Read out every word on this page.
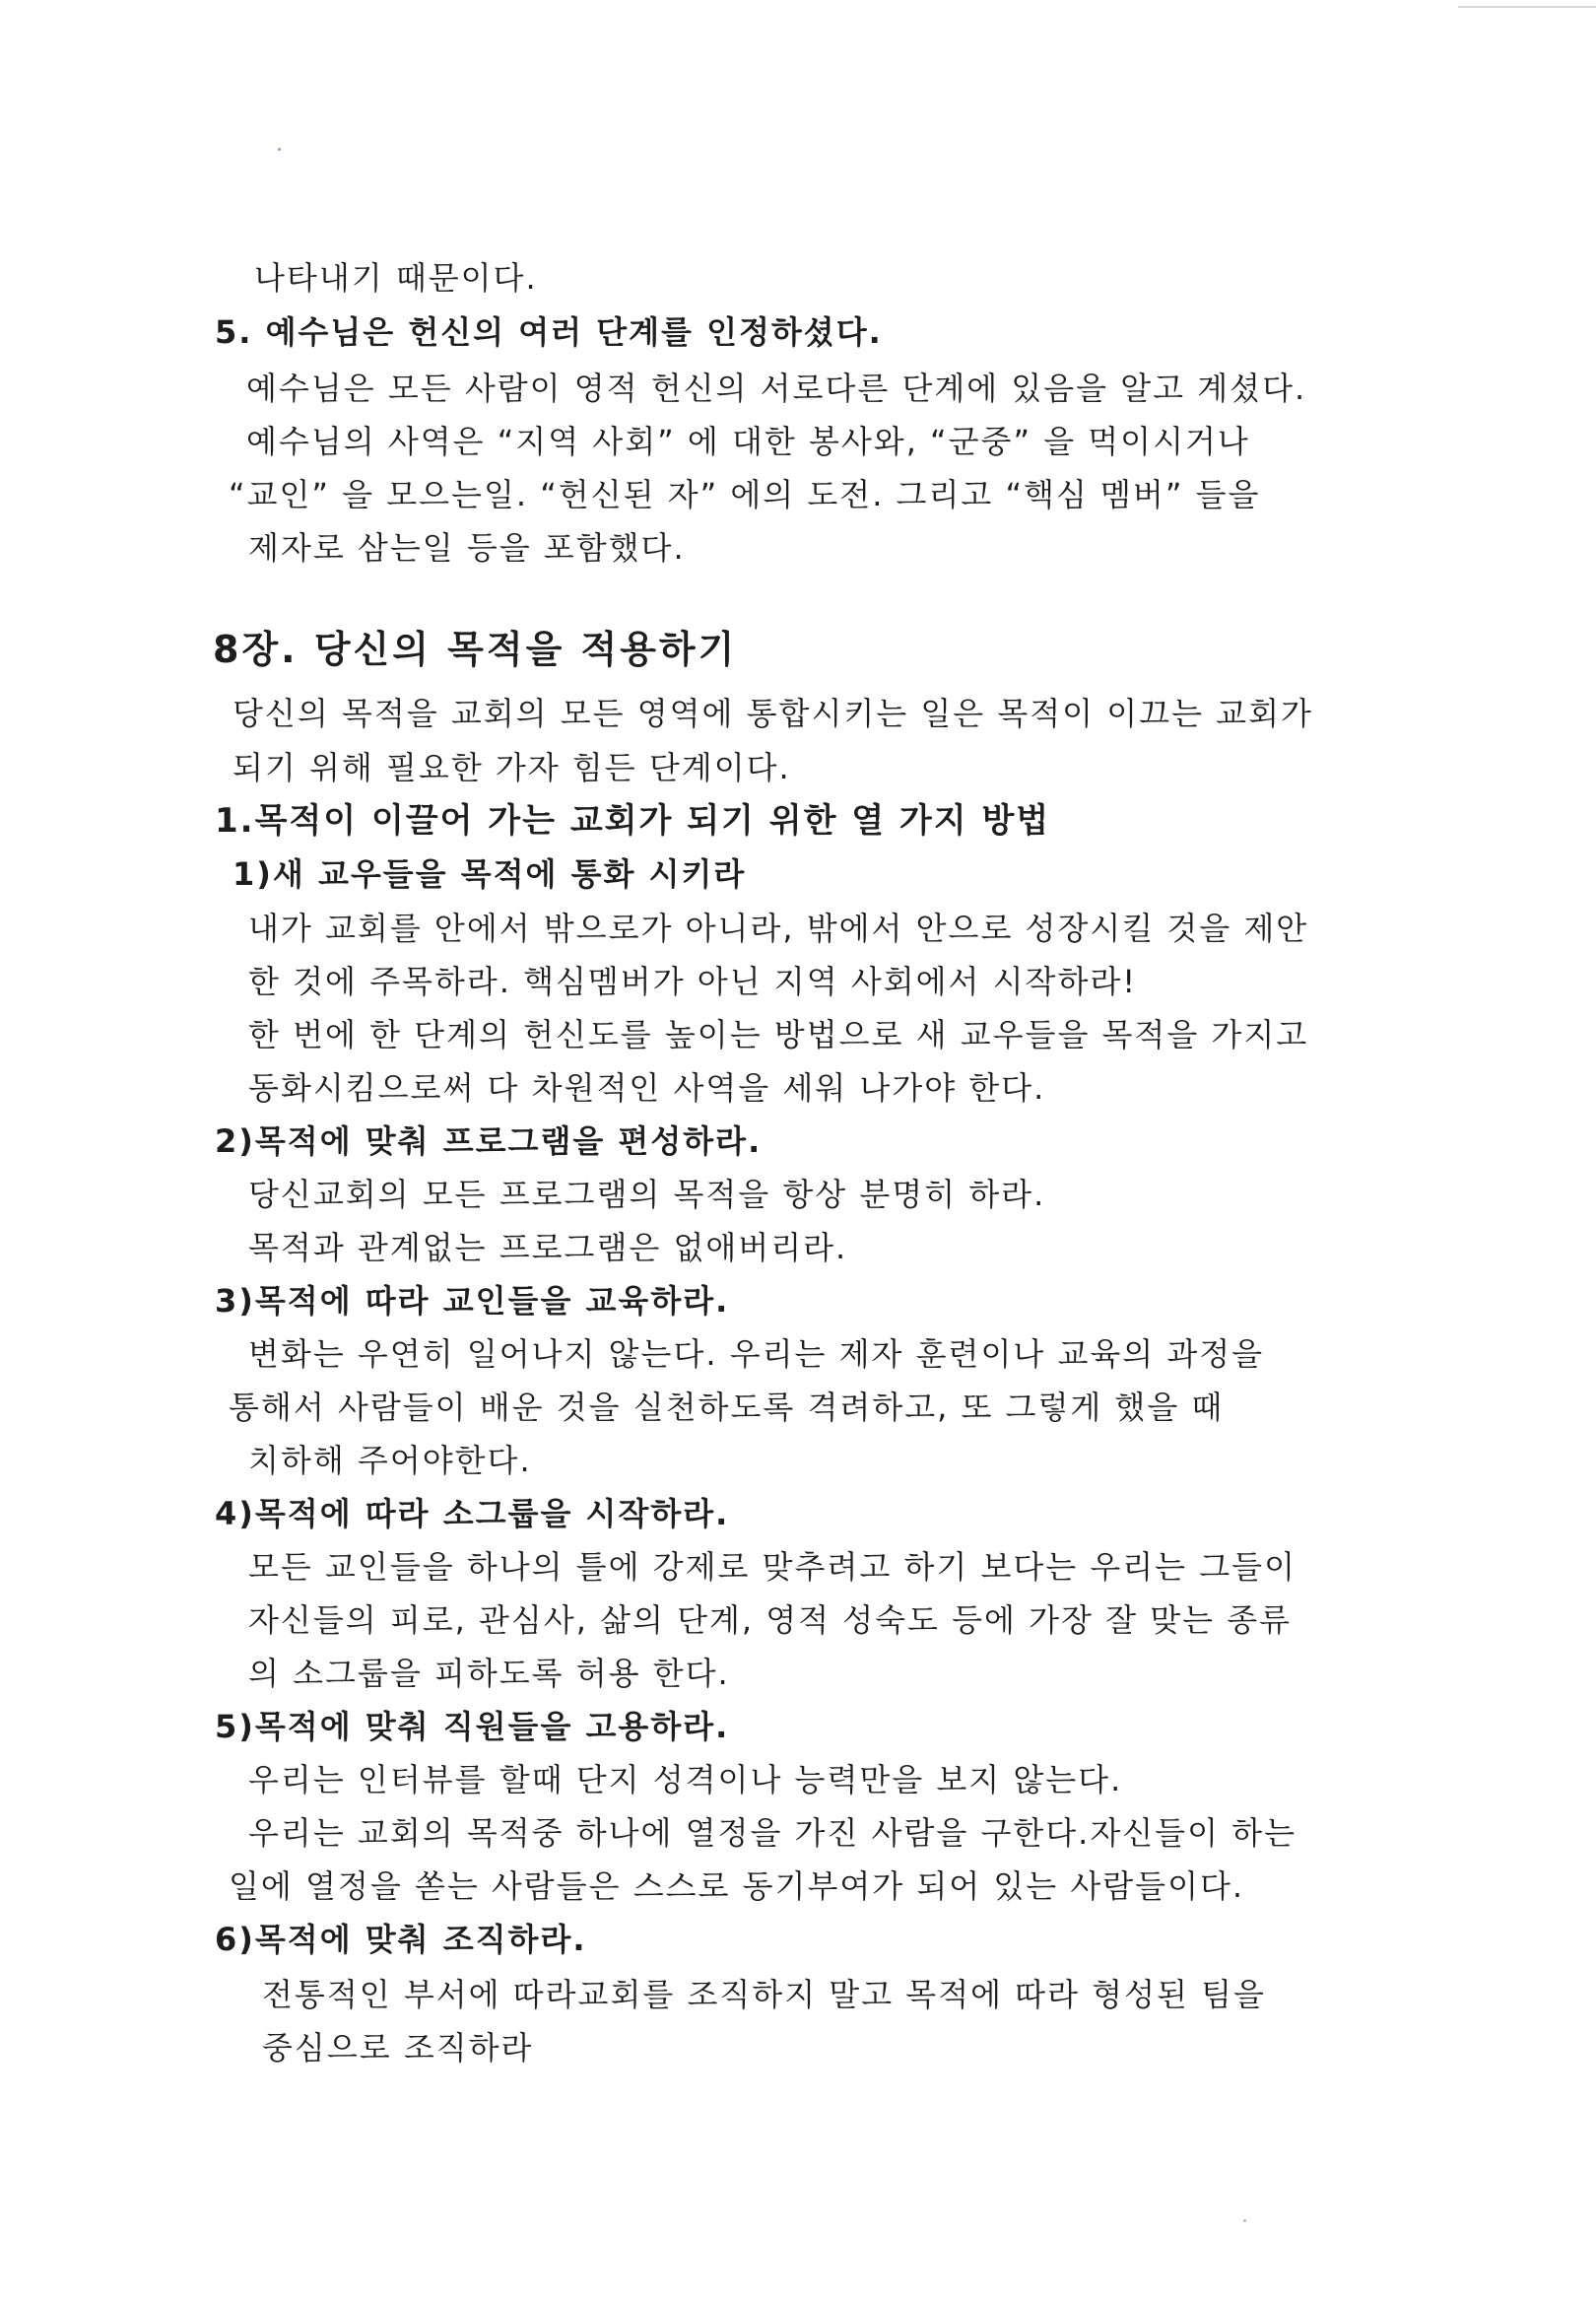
나타내기 때문이다.
5. 예수님은 헌신의 여러 단계를 인정하셨다.
예수님은 모든 사람이 영적 헌신의 서로다른 단계에 있음을 알고 계셨다.
예수님의 사역은 “지역 사회” 에 대한 봉사와, “군중” 을 먹이시거나
“교인” 을 모으는일. “헌신된 자” 에의 도전. 그리고 “핵심 멤버” 들을
제자로 삼는일 등을 포함했다.
8장. 당신의 목적을 적용하기
당신의 목적을 교회의 모든 영역에 통합시키는 일은 목적이 이끄는 교회가
되기 위해 필요한 가자 힘든 단계이다.
1.목적이 이끌어 가는 교회가 되기 위한 열 가지 방법
1)새 교우들을 목적에 통화 시키라
내가 교회를 안에서 밖으로가 아니라, 밖에서 안으로 성장시킬 것을 제안
한 것에 주목하라. 핵심멤버가 아닌 지역 사회에서 시작하라!
한 번에 한 단계의 헌신도를 높이는 방법으로 새 교우들을 목적을 가지고
동화시킴으로써 다 차원적인 사역을 세워 나가야 한다.
2)목적에 맞춰 프로그램을 편성하라.
당신교회의 모든 프로그램의 목적을 항상 분명히 하라.
목적과 관계없는 프로그램은 없애버리라.
3)목적에 따라 교인들을 교육하라.
변화는 우연히 일어나지 않는다. 우리는 제자 훈련이나 교육의 과정을
통해서 사람들이 배운 것을 실천하도록 격려하고, 또 그렇게 했을 때
치하해 주어야한다.
4)목적에 따라 소그룹을 시작하라.
모든 교인들을 하나의 틀에 강제로 맞추려고 하기 보다는 우리는 그들이
자신들의 피로, 관심사, 삶의 단계, 영적 성숙도 등에 가장 잘 맞는 종류
의 소그룹을 피하도록 허용 한다.
5)목적에 맞춰 직원들을 고용하라.
우리는 인터뷰를 할때 단지 성격이나 능력만을 보지 않는다.
우리는 교회의 목적중 하나에 열정을 가진 사람을 구한다.자신들이 하는
일에 열정을 쏟는 사람들은 스스로 동기부여가 되어 있는 사람들이다.
6)목적에 맞춰 조직하라.
전통적인 부서에 따라교회를 조직하지 말고 목적에 따라 형성된 팀을
중심으로 조직하라
